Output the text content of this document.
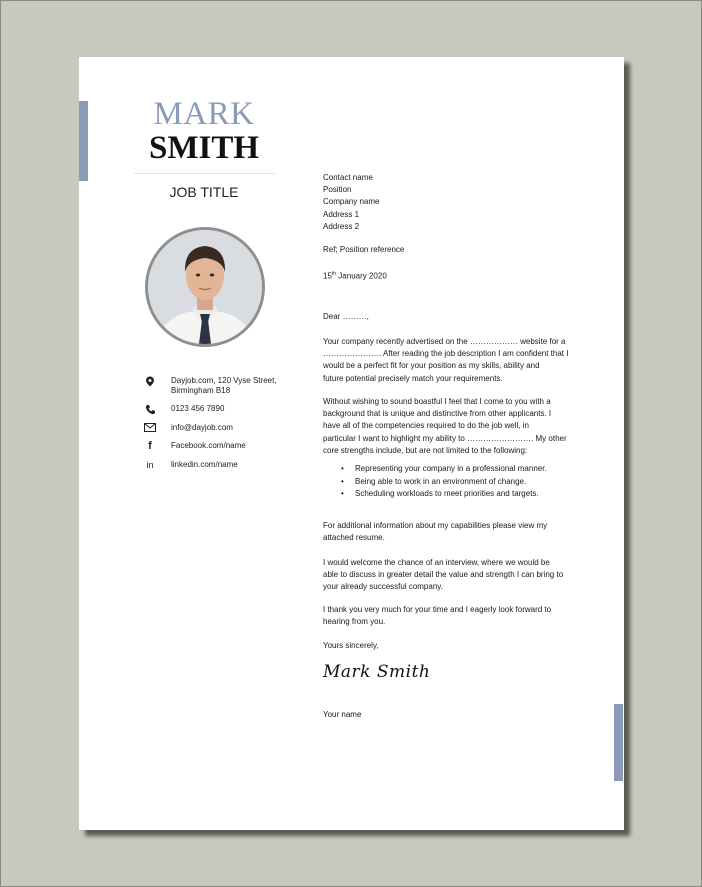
MARK
SMITH
JOB TITLE
Dayjob.com, 120 Vyse Street,
Birmingham B18
0123 456 7890
info@dayjob.com
f	Facebook.com/name
in	linkedin.com/name
Contact name
Position
Company name
Address 1
Address 2
Ref; Position reference
15th January 2020
Dear ………,
Your company recently advertised on the ……………… website for a
…………………. After reading the job description I am confident that I
would be a perfect fit for your position as my skills, ability and
future potential precisely match your requirements.
Without wishing to sound boastful I feel that I come to you with a
background that is unique and distinctive from other applicants. I
have all of the competencies required to do the job well, in
particular I want to highlight my ability to ……………………. My other
core strengths include, but are not limited to the following:
• Representing your company in a professional manner.
• Being able to work in an environment of change.
• Scheduling workloads to meet priorities and targets.
For additional information about my capabilities please view my
attached resume.
I would welcome the chance of an interview, where we would be
able to discuss in greater detail the value and strength I can bring to
your already successful company.
I thank you very much for your time and I eagerly look forward to
hearing from you.
Yours sincerely,
Mark Smith
Your name
